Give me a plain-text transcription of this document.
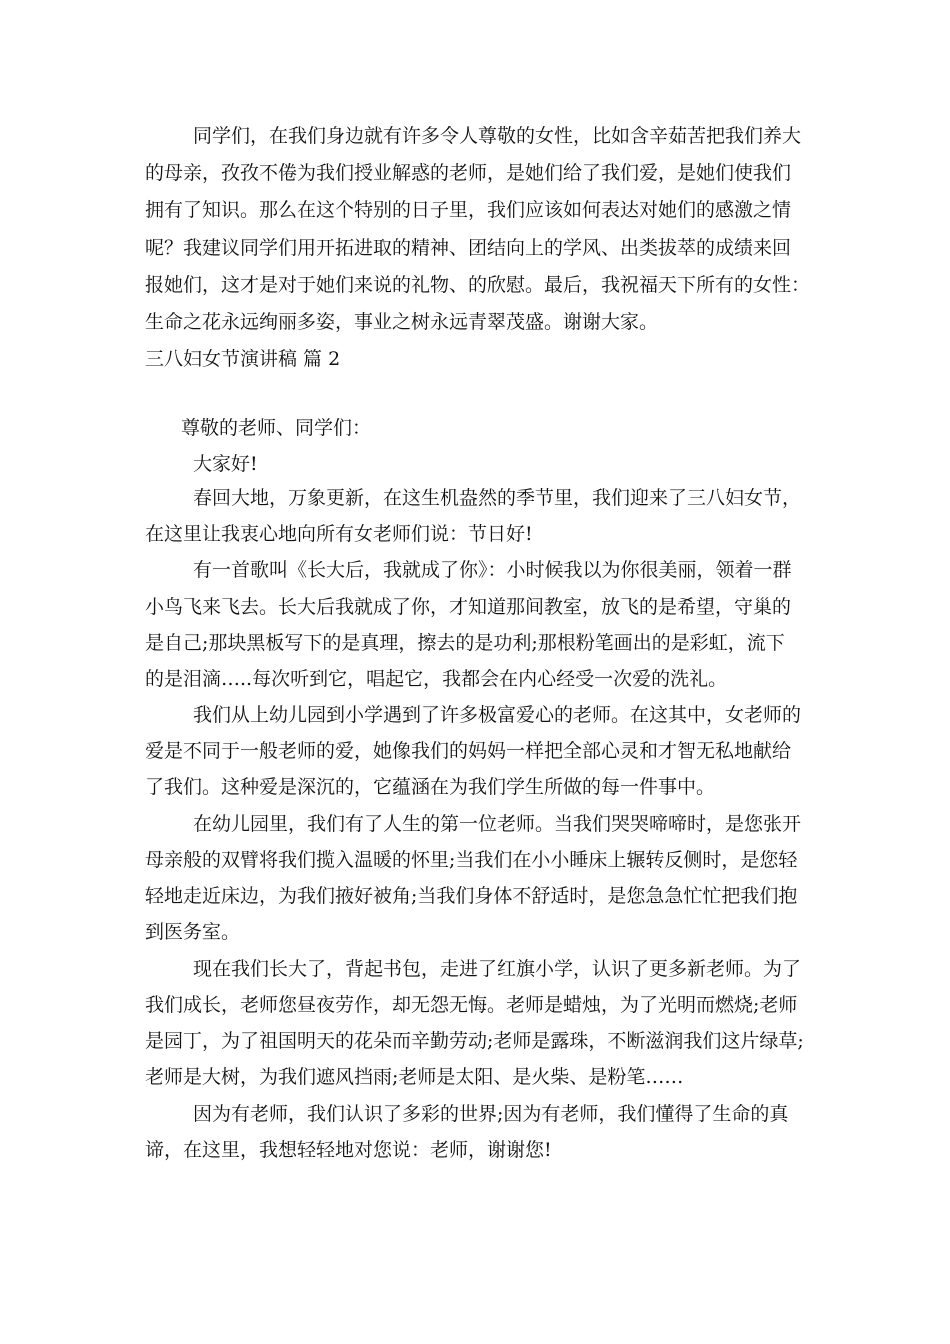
同学们，在我们身边就有许多令人尊敬的女性，比如含辛茹苦把我们养大
的母亲，孜孜不倦为我们授业解惑的老师，是她们给了我们爱，是她们使我们
拥有了知识。那么在这个特别的日子里，我们应该如何表达对她们的感激之情
呢？我建议同学们用开拓进取的精神、团结向上的学风、出类拔萃的成绩来回
报她们，这才是对于她们来说的礼物、的欣慰。最后，我祝福天下所有的女性：
生命之花永远绚丽多姿，事业之树永远青翠茂盛。谢谢大家。
三八妇女节演讲稿 篇 2
尊敬的老师、同学们：
大家好!
春回大地，万象更新，在这生机盎然的季节里，我们迎来了三八妇女节，
在这里让我衷心地向所有女老师们说：节日好!
有一首歌叫《长大后，我就成了你》：小时候我以为你很美丽，领着一群
小鸟飞来飞去。长大后我就成了你，才知道那间教室，放飞的是希望，守巢的
是自己;那块黑板写下的是真理，擦去的是功利;那根粉笔画出的是彩虹，流下
的是泪滴…..每次听到它，唱起它，我都会在内心经受一次爱的洗礼。
我们从上幼儿园到小学遇到了许多极富爱心的老师。在这其中，女老师的
爱是不同于一般老师的爱，她像我们的妈妈一样把全部心灵和才智无私地献给
了我们。这种爱是深沉的，它蕴涵在为我们学生所做的每一件事中。
在幼儿园里，我们有了人生的第一位老师。当我们哭哭啼啼时，是您张开
母亲般的双臂将我们揽入温暖的怀里;当我们在小小睡床上辗转反侧时，是您轻
轻地走近床边，为我们掖好被角;当我们身体不舒适时，是您急急忙忙把我们抱
到医务室。
现在我们长大了，背起书包，走进了红旗小学，认识了更多新老师。为了
我们成长，老师您昼夜劳作，却无怨无悔。老师是蜡烛，为了光明而燃烧;老师
是园丁，为了祖国明天的花朵而辛勤劳动;老师是露珠，不断滋润我们这片绿草;
老师是大树，为我们遮风挡雨;老师是太阳、是火柴、是粉笔……
因为有老师，我们认识了多彩的世界;因为有老师，我们懂得了生命的真
谛，在这里，我想轻轻地对您说：老师，谢谢您!
